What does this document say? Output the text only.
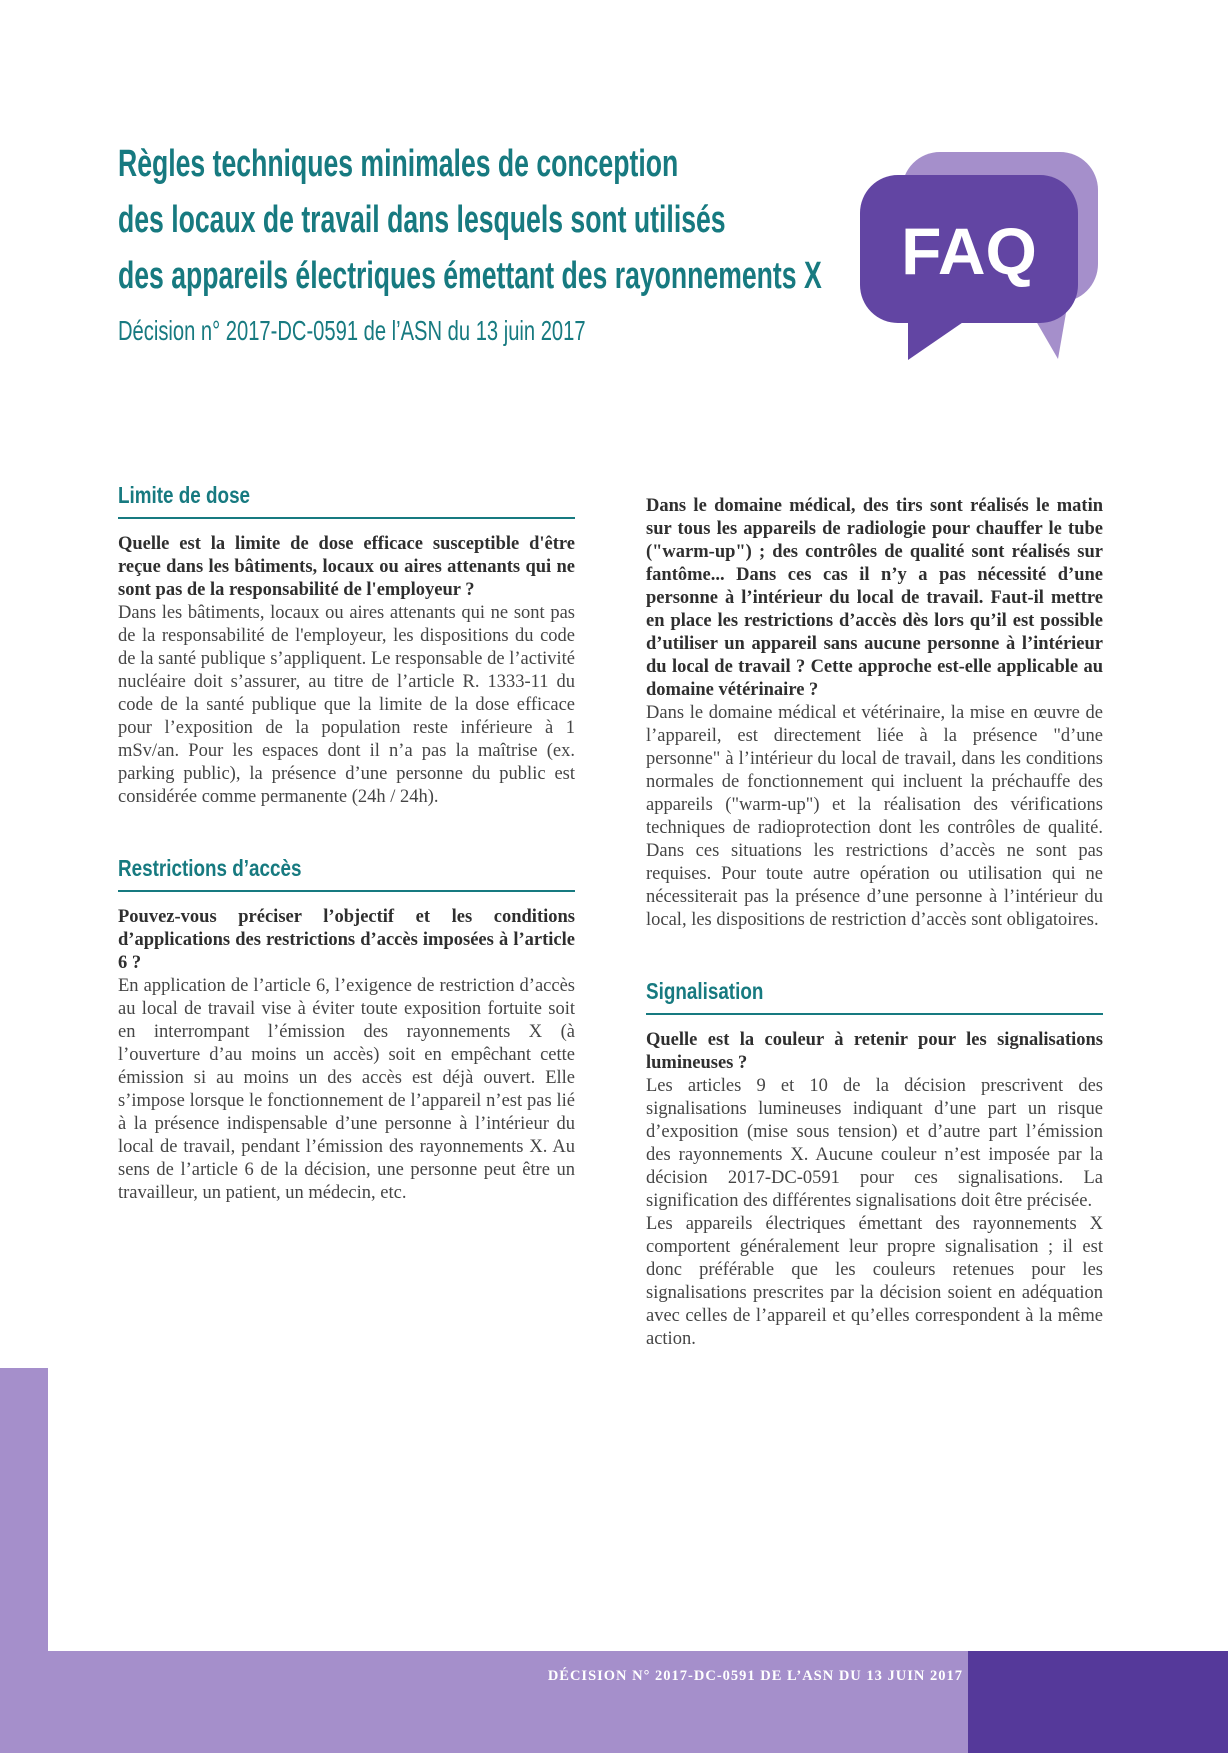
Règles techniques minimales de conception
des locaux de travail dans lesquels sont utilisés
des appareils électriques émettant des rayonnements X
Décision n° 2017-DC-0591 de l’ASN du 13 juin 2017
FAQ
Limite de dose

Quelle est la limite de dose efficace susceptible d'être reçue dans les bâtiments, locaux ou aires attenants qui ne sont pas de la responsabilité de l'employeur ?

Dans les bâtiments, locaux ou aires attenants qui ne sont pas de la responsabilité de l'employeur, les dispositions du code de la santé publique s’appliquent. Le responsable de l’activité nucléaire doit s’assurer, au titre de l’article R. 1333-11 du code de la santé publique que la limite de la dose efficace pour l’exposition de la population reste inférieure à 1 mSv/an. Pour les espaces dont il n’a pas la maîtrise (ex. parking public), la présence d’une personne du public est considérée comme permanente (24h / 24h).

Restrictions d’accès

Pouvez-vous préciser l’objectif et les conditions d’applications des restrictions d’accès imposées à l’article 6 ?

En application de l’article 6, l’exigence de restriction d’accès au local de travail vise à éviter toute exposition fortuite soit en interrompant l’émission des rayonnements X (à l’ouverture d’au moins un accès) soit en empêchant cette émission si au moins un des accès est déjà ouvert. Elle s’impose lorsque le fonctionnement de l’appareil n’est pas lié à la présence indispensable d’une personne à l’intérieur du local de travail, pendant l’émission des rayonnements X. Au sens de l’article 6 de la décision, une personne peut être un travailleur, un patient, un médecin, etc.

Dans le domaine médical, des tirs sont réalisés le matin sur tous les appareils de radiologie pour chauffer le tube ("warm-up") ; des contrôles de qualité sont réalisés sur fantôme... Dans ces cas il n’y a pas nécessité d’une personne à l’intérieur du local de travail. Faut-il mettre en place les restrictions d’accès dès lors qu’il est possible d’utiliser un appareil sans aucune personne à l’intérieur du local de travail ? Cette approche est-elle applicable au domaine vétérinaire ?

Dans le domaine médical et vétérinaire, la mise en œuvre de l’appareil, est directement liée à la présence "d’une personne" à l’intérieur du local de travail, dans les conditions normales de fonctionnement qui incluent la préchauffe des appareils ("warm-up") et la réalisation des vérifications techniques de radioprotection dont les contrôles de qualité. Dans ces situations les restrictions d’accès ne sont pas requises. Pour toute autre opération ou utilisation qui ne nécessiterait pas la présence d’une personne à l’intérieur du local, les dispositions de restriction d’accès sont obligatoires.

Signalisation

Quelle est la couleur à retenir pour les signalisations lumineuses ?

Les articles 9 et 10 de la décision prescrivent des signalisations lumineuses indiquant d’une part un risque d’exposition (mise sous tension) et d’autre part l’émission des rayonnements X. Aucune couleur n’est imposée par la décision 2017-DC-0591 pour ces signalisations. La signification des différentes signalisations doit être précisée.

Les appareils électriques émettant des rayonnements X comportent généralement leur propre signalisation ; il est donc préférable que les couleurs retenues pour les signalisations prescrites par la décision soient en adéquation avec celles de l’appareil et qu’elles correspondent à la même action.

DÉCISION N° 2017-DC-0591 DE L’ASN DU 13 JUIN 2017
